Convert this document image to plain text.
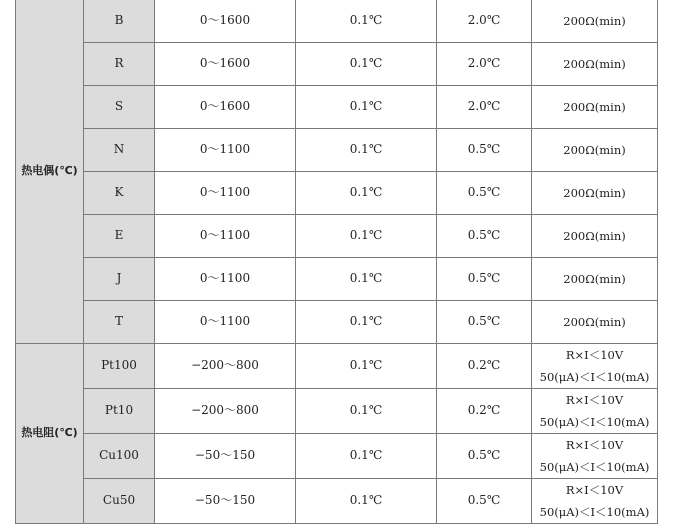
热电偶(℃)	B	0～1600	0.1℃	2.0℃	200Ω(min)

	R	0～1600	0.1℃	2.0℃	200Ω(min)

	S	0～1600	0.1℃	2.0℃	200Ω(min)

	N	0～1100	0.1℃	0.5℃	200Ω(min)

	K	0～1100	0.1℃	0.5℃	200Ω(min)

	E	0～1100	0.1℃	0.5℃	200Ω(min)

	J	0～1100	0.1℃	0.5℃	200Ω(min)

	T	0～1100	0.1℃	0.5℃	200Ω(min)

热电阻(℃)	Pt100	−200～800	0.1℃	0.2℃	R×I＜10V
50(μA)＜I＜10(mA)

	Pt10	−200～800	0.1℃	0.2℃	R×I＜10V
50(μA)＜I＜10(mA)

	Cu100	−50～150	0.1℃	0.5℃	R×I＜10V
50(μA)＜I＜10(mA)

	Cu50	−50～150	0.1℃	0.5℃	R×I＜10V
50(μA)＜I＜10(mA)
